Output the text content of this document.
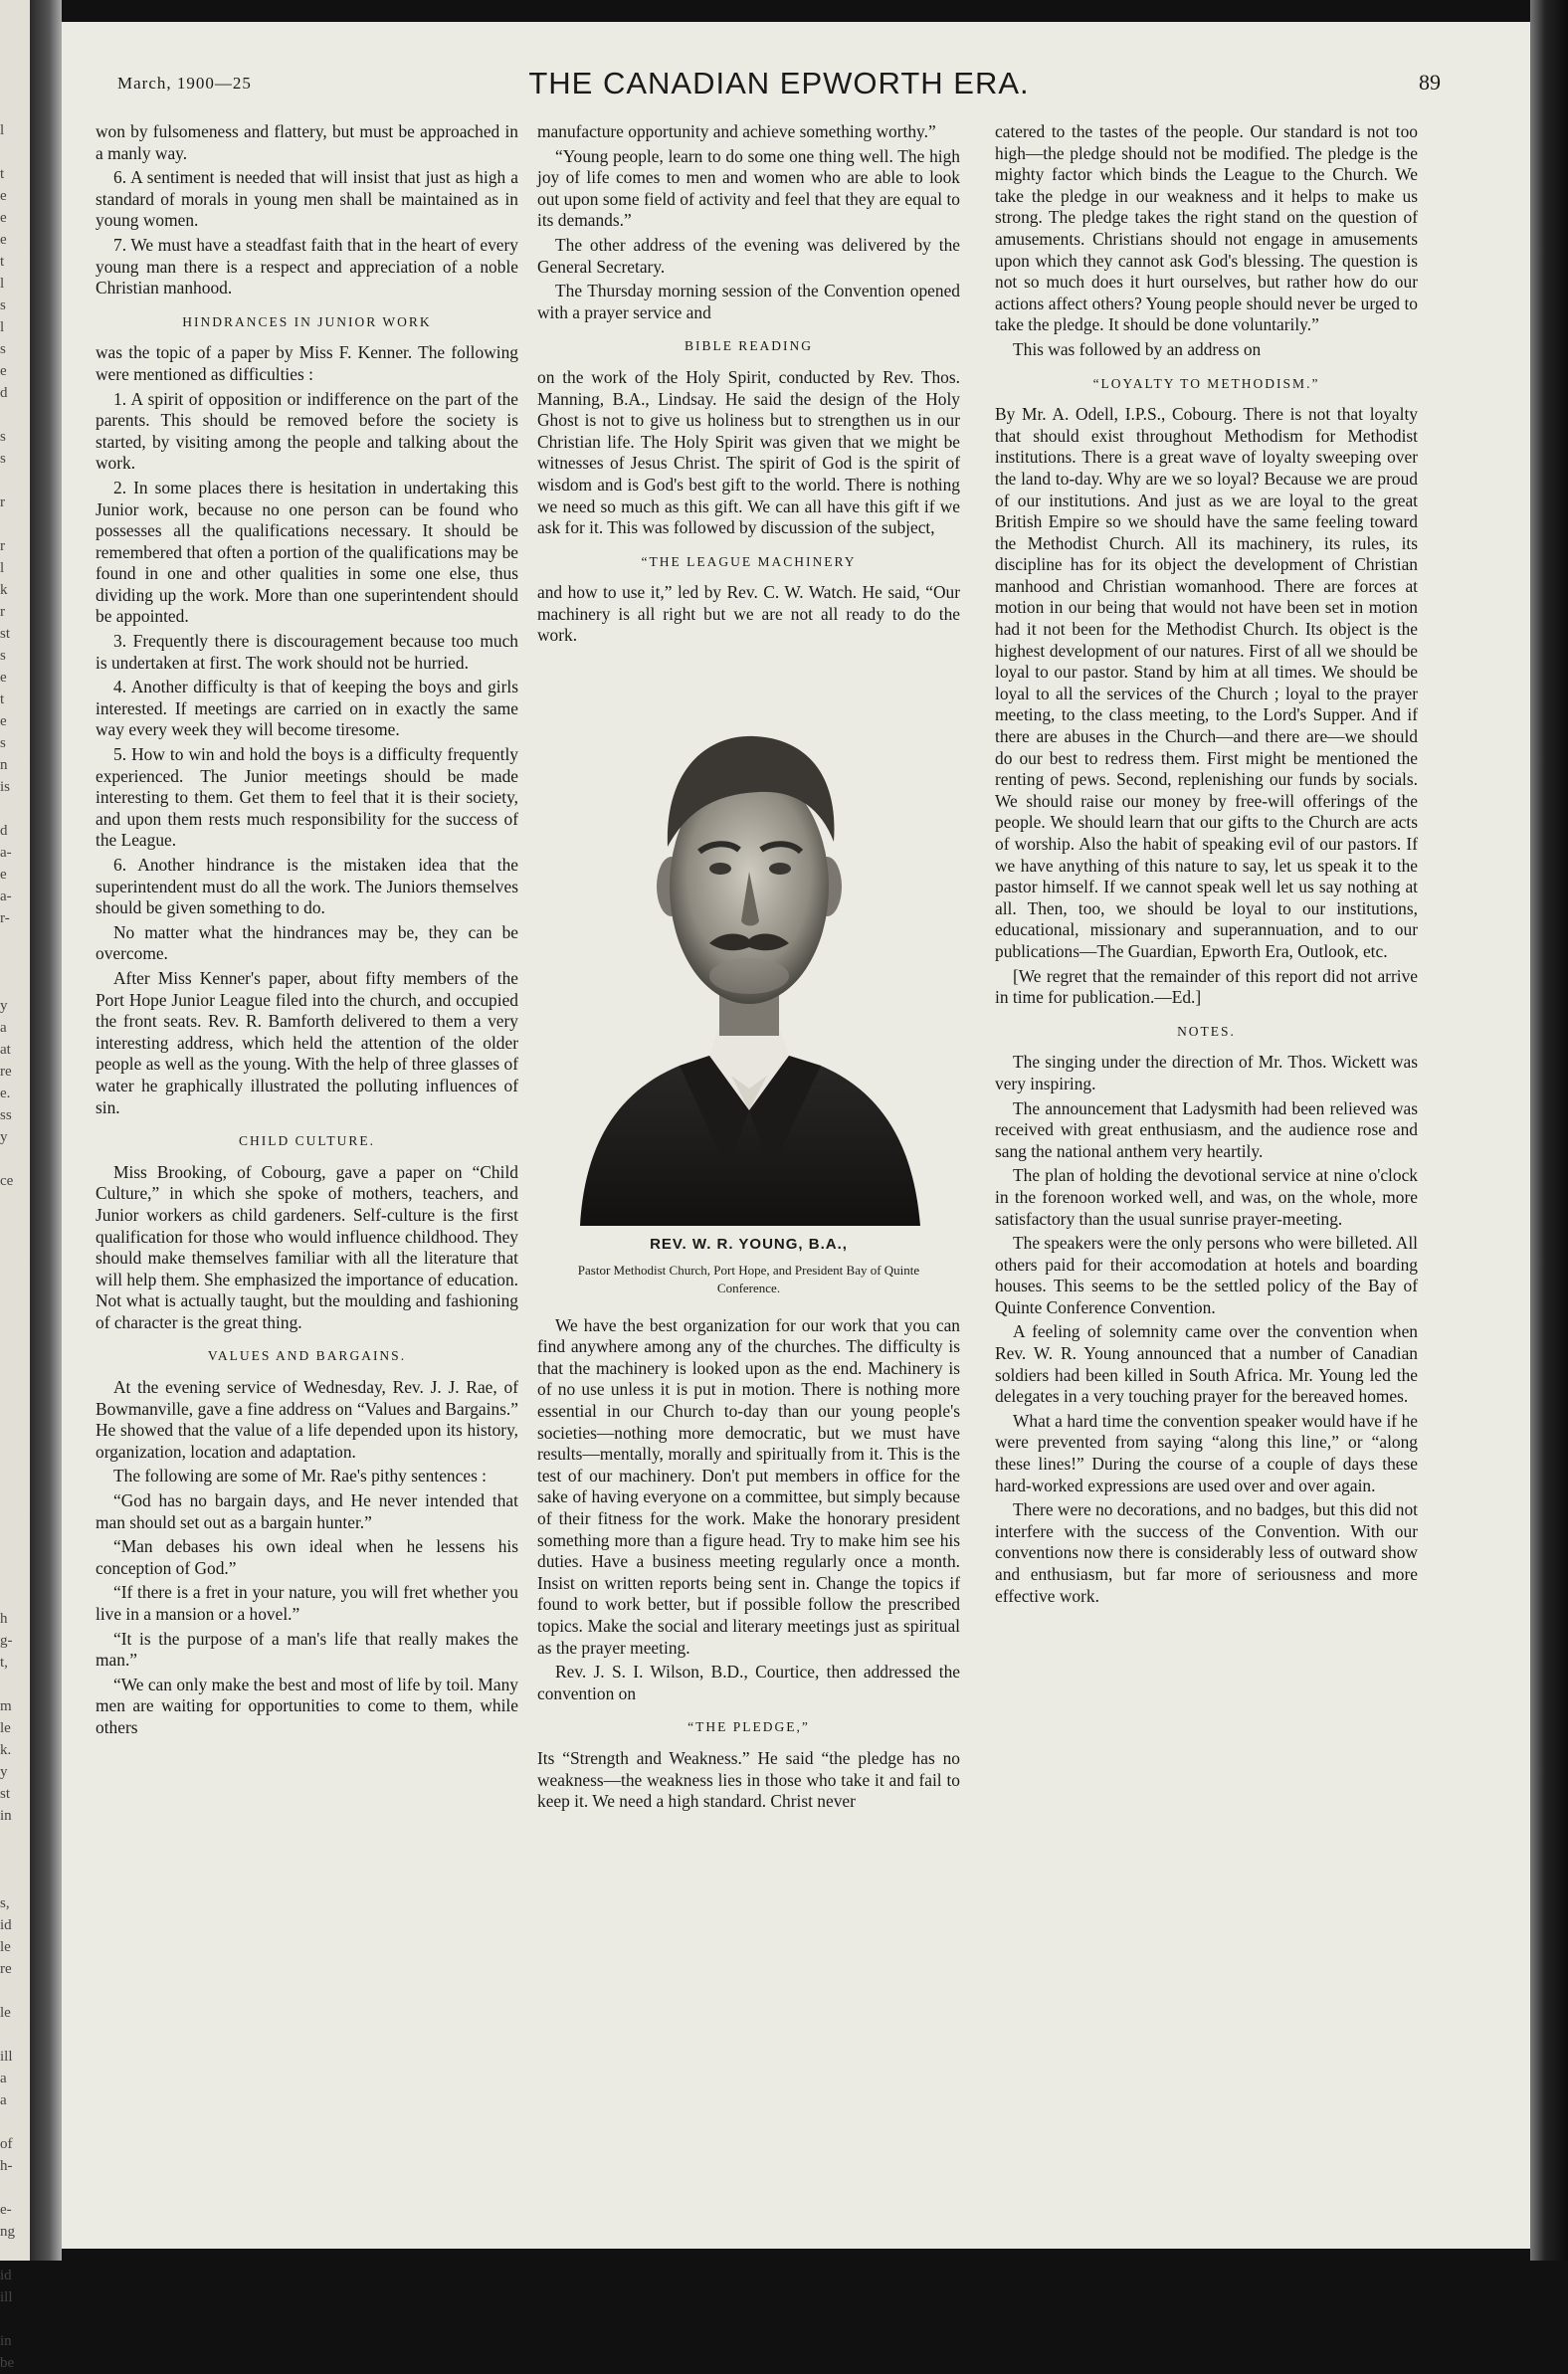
l
t
e
e
e
t
l
s
l
s
e
d
s
s
r
r
l
k
r
st
s
e
t
e
s
n
is
d
a-
e
a-
r-
y
a
at
re
e.
ss
y
ce
h
g-
t,
m
le
k.
y
st
in
s,
id
le
re
le
ill
a
a
of
h-
e-
ng
id
ill
in
be
March, 1900—25	THE CANADIAN EPWORTH ERA.	89

won by fulsomeness and flattery, but must be approached in a manly way.

6. A sentiment is needed that will insist that just as high a standard of morals in young men shall be maintained as in young women.

7. We must have a steadfast faith that in the heart of every young man there is a respect and appreciation of a noble Christian manhood.

HINDRANCES IN JUNIOR WORK

was the topic of a paper by Miss F. Kenner. The following were mentioned as difficulties :

1. A spirit of opposition or indifference on the part of the parents. This should be removed before the society is started, by visiting among the people and talking about the work.

2. In some places there is hesitation in undertaking this Junior work, because no one person can be found who possesses all the qualifications necessary. It should be remembered that often a portion of the qualifications may be found in one and other qualities in some one else, thus dividing up the work. More than one superintendent should be appointed.

3. Frequently there is discouragement because too much is undertaken at first. The work should not be hurried.

4. Another difficulty is that of keeping the boys and girls interested. If meetings are carried on in exactly the same way every week they will become tiresome.

5. How to win and hold the boys is a difficulty frequently experienced. The Junior meetings should be made interesting to them. Get them to feel that it is their society, and upon them rests much responsibility for the success of the League.

6. Another hindrance is the mistaken idea that the superintendent must do all the work. The Juniors themselves should be given something to do.

No matter what the hindrances may be, they can be overcome.

After Miss Kenner's paper, about fifty members of the Port Hope Junior League filed into the church, and occupied the front seats. Rev. R. Bamforth delivered to them a very interesting address, which held the attention of the older people as well as the young. With the help of three glasses of water he graphically illustrated the polluting influences of sin.

CHILD CULTURE.

Miss Brooking, of Cobourg, gave a paper on “Child Culture,” in which she spoke of mothers, teachers, and Junior workers as child gardeners. Self-culture is the first qualification for those who would influence childhood. They should make themselves familiar with all the literature that will help them. She emphasized the importance of education. Not what is actually taught, but the moulding and fashioning of character is the great thing.

VALUES AND BARGAINS.

At the evening service of Wednesday, Rev. J. J. Rae, of Bowmanville, gave a fine address on “Values and Bargains.” He showed that the value of a life depended upon its history, organization, location and adaptation.

The following are some of Mr. Rae's pithy sentences :

“God has no bargain days, and He never intended that man should set out as a bargain hunter.”

“Man debases his own ideal when he lessens his conception of God.”

“If there is a fret in your nature, you will fret whether you live in a mansion or a hovel.”

“It is the purpose of a man's life that really makes the man.”

“We can only make the best and most of life by toil. Many men are waiting for opportunities to come to them, while others

manufacture opportunity and achieve something worthy.”

“Young people, learn to do some one thing well. The high joy of life comes to men and women who are able to look out upon some field of activity and feel that they are equal to its demands.”

The other address of the evening was delivered by the General Secretary.

The Thursday morning session of the Convention opened with a prayer service and

BIBLE READING

on the work of the Holy Spirit, conducted by Rev. Thos. Manning, B.A., Lindsay. He said the design of the Holy Ghost is not to give us holiness but to strengthen us in our Christian life. The Holy Spirit was given that we might be witnesses of Jesus Christ. The spirit of God is the spirit of wisdom and is God's best gift to the world. There is nothing we need so much as this gift. We can all have this gift if we ask for it. This was followed by discussion of the subject,

“THE LEAGUE MACHINERY

and how to use it,” led by Rev. C. W. Watch. He said, “Our machinery is all right but we are not all ready to do the work.

REV. W. R. YOUNG, B.A.,
Pastor Methodist Church, Port Hope, and President Bay of Quinte Conference.

We have the best organization for our work that you can find anywhere among any of the churches. The difficulty is that the machinery is looked upon as the end. Machinery is of no use unless it is put in motion. There is nothing more essential in our Church to-day than our young people's societies—nothing more democratic, but we must have results—mentally, morally and spiritually from it. This is the test of our machinery. Don't put members in office for the sake of having everyone on a committee, but simply because of their fitness for the work. Make the honorary president something more than a figure head. Try to make him see his duties. Have a business meeting regularly once a month. Insist on written reports being sent in. Change the topics if found to work better, but if possible follow the prescribed topics. Make the social and literary meetings just as spiritual as the prayer meeting.

Rev. J. S. I. Wilson, B.D., Courtice, then addressed the convention on

“THE PLEDGE,”

Its “Strength and Weakness.” He said “the pledge has no weakness—the weakness lies in those who take it and fail to keep it. We need a high standard. Christ never

catered to the tastes of the people. Our standard is not too high—the pledge should not be modified. The pledge is the mighty factor which binds the League to the Church. We take the pledge in our weakness and it helps to make us strong. The pledge takes the right stand on the question of amusements. Christians should not engage in amusements upon which they cannot ask God's blessing. The question is not so much does it hurt ourselves, but rather how do our actions affect others? Young people should never be urged to take the pledge. It should be done voluntarily.”

This was followed by an address on

“LOYALTY TO METHODISM.”

By Mr. A. Odell, I.P.S., Cobourg. There is not that loyalty that should exist throughout Methodism for Methodist institutions. There is a great wave of loyalty sweeping over the land to-day. Why are we so loyal? Because we are proud of our institutions. And just as we are loyal to the great British Empire so we should have the same feeling toward the Methodist Church. All its machinery, its rules, its discipline has for its object the development of Christian manhood and Christian womanhood. There are forces at motion in our being that would not have been set in motion had it not been for the Methodist Church. Its object is the highest development of our natures. First of all we should be loyal to our pastor. Stand by him at all times. We should be loyal to all the services of the Church ; loyal to the prayer meeting, to the class meeting, to the Lord's Supper. And if there are abuses in the Church—and there are—we should do our best to redress them. First might be mentioned the renting of pews. Second, replenishing our funds by socials. We should raise our money by free-will offerings of the people. We should learn that our gifts to the Church are acts of worship. Also the habit of speaking evil of our pastors. If we have anything of this nature to say, let us speak it to the pastor himself. If we cannot speak well let us say nothing at all. Then, too, we should be loyal to our institutions, educational, missionary and superannuation, and to our publications—The Guardian, Epworth Era, Outlook, etc.

[We regret that the remainder of this report did not arrive in time for publication.—Ed.]

NOTES.

The singing under the direction of Mr. Thos. Wickett was very inspiring.

The announcement that Ladysmith had been relieved was received with great enthusiasm, and the audience rose and sang the national anthem very heartily.

The plan of holding the devotional service at nine o'clock in the forenoon worked well, and was, on the whole, more satisfactory than the usual sunrise prayer-meeting.

The speakers were the only persons who were billeted. All others paid for their accomodation at hotels and boarding houses. This seems to be the settled policy of the Bay of Quinte Conference Convention.

A feeling of solemnity came over the convention when Rev. W. R. Young announced that a number of Canadian soldiers had been killed in South Africa. Mr. Young led the delegates in a very touching prayer for the bereaved homes.

What a hard time the convention speaker would have if he were prevented from saying “along this line,” or “along these lines!” During the course of a couple of days these hard-worked expressions are used over and over again.

There were no decorations, and no badges, but this did not interfere with the success of the Convention. With our conventions now there is considerably less of outward show and enthusiasm, but far more of seriousness and more effective work.
